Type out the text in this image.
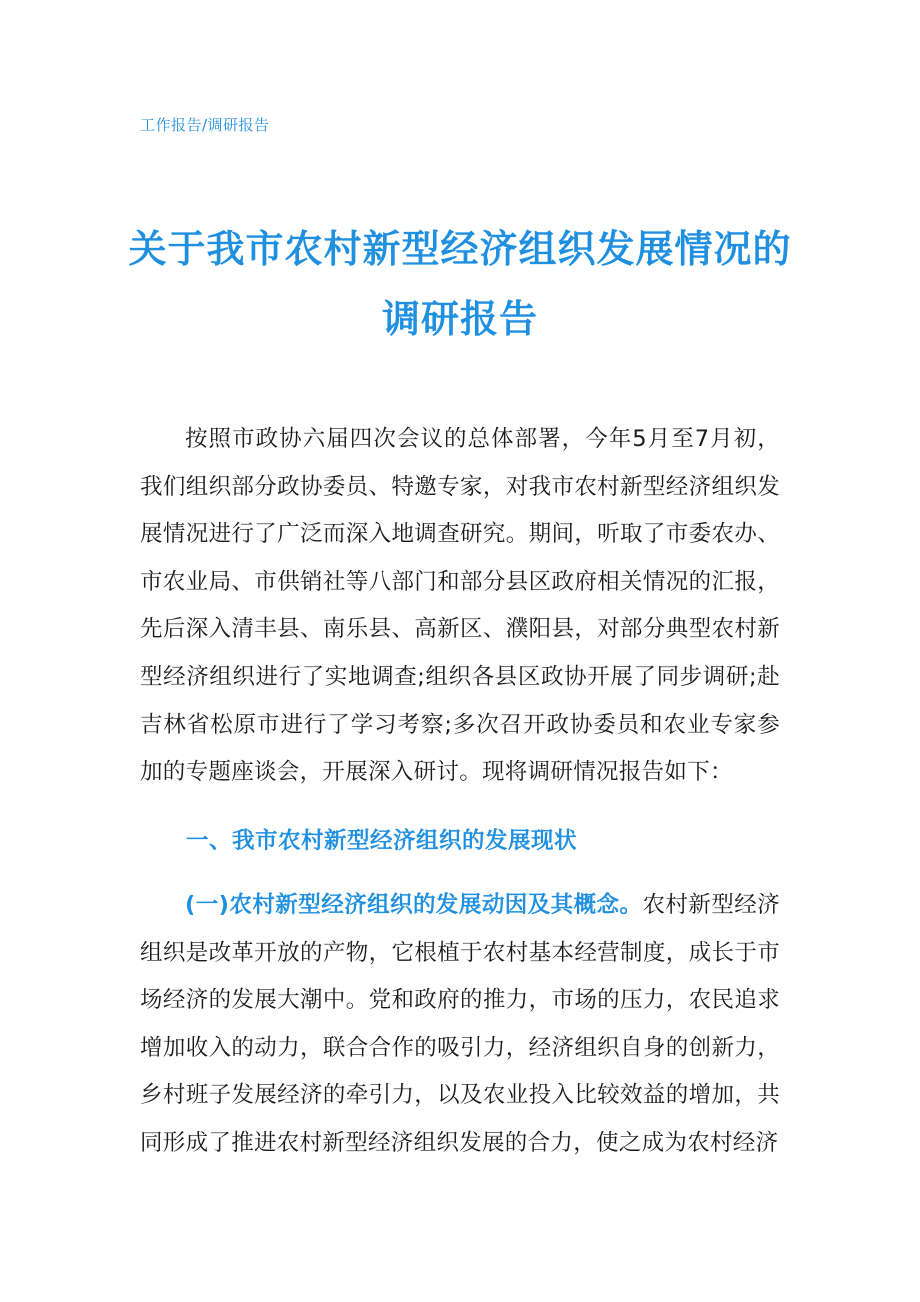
工作报告/调研报告
关于我市农村新型经济组织发展情况的调研报告

按照市政协六届四次会议的总体部署，今年5月至7月初，我们组织部分政协委员、特邀专家，对我市农村新型经济组织发展情况进行了广泛而深入地调查研究。期间，听取了市委农办、市农业局、市供销社等八部门和部分县区政府相关情况的汇报，先后深入清丰县、南乐县、高新区、濮阳县，对部分典型农村新型经济组织进行了实地调查;组织各县区政协开展了同步调研;赴吉林省松原市进行了学习考察;多次召开政协委员和农业专家参加的专题座谈会，开展深入研讨。现将调研情况报告如下：

一、我市农村新型经济组织的发展现状

(一)农村新型经济组织的发展动因及其概念。农村新型经济组织是改革开放的产物，它根植于农村基本经营制度，成长于市场经济的发展大潮中。党和政府的推力，市场的压力，农民追求增加收入的动力，联合合作的吸引力，经济组织自身的创新力，乡村班子发展经济的牵引力，以及农业投入比较效益的增加，共同形成了推进农村新型经济组织发展的合力，使之成为农村经济
